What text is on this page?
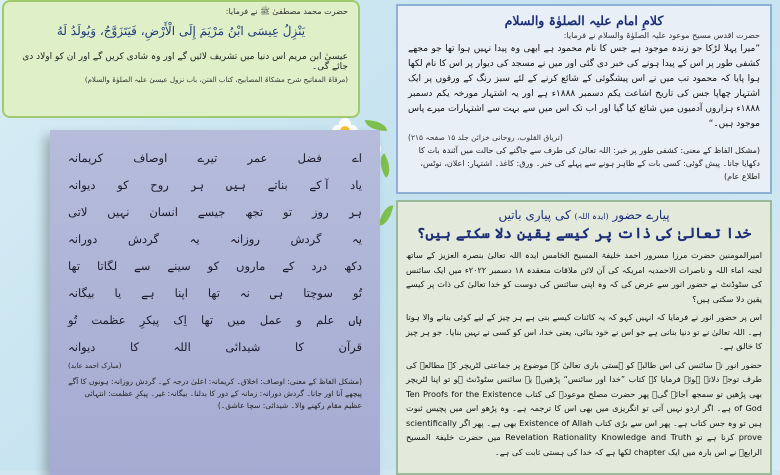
حضرت محمد مصطفیٰ ﷺ نے فرمایا:
يَنْزِلُ عِيسَى ابْنُ مَرْيَمَ إِلَى الْأَرْضِ، فَيَتَزَوَّجُ، وَيُولَدُ لَهُ
عیسیٰ ابن مریم اس دنیا میں تشریف لائیں گے اور وہ شادی کریں گے اور ان کو اولاد دی جائے گی۔
(مرقاۃ المفاتیح شرح مشکاۃ المصابیح، کتاب الفتن، باب نزول عیسیٰ علیہ الصلوٰۃ والسلام)
اے
فضل
عمر
تیرے
اوصاف
کریمانہ
یاد
آ کے
بناتے
ہیں
ہر
روح
کو
دیوانہ
ہر
روز
تو
تجھ
جیسے
انسان
نہیں
لاتی
یہ
گردش
روزانہ
یہ
گردش
دورانہ
دکھ
درد
کے
ماروں
کو
سینے
سے
لگاتا
تھا
تُو
سوچتا
ہی
نہ
تھا
اپنا
ہے
یا
بیگانہ
ہاں
علم
و
عمل
میں
تھا
اِک
پیکرِ
عظمت
تُو
قرآن
کا
شیدائی
اللہ
کا
دیوانہ
(مبارک احمد عابد)
(مشکل الفاظ کے معنی: اوصاف: اخلاق۔ کریمانہ: اعلیٰ درجہ کے۔ گردش روزانہ: ہونوں کا آگے پیچھے آنا اور جانا۔ گردش دورانہ: زمانہ کے دور کا بدلنا۔ بیگانہ: غیر۔ پیکرِ عظمت: انتہائی عظیم مقام رکھنے والا۔ شیدائی: سچا عاشق۔)
کلامِ امام علیہ الصلوٰۃ والسلام
حضرت اقدس مسیح موعود علیہ الصلوٰۃ والسلام نے فرمایا:
”میرا پہلا لڑکا جو زندہ موجود ہے جس کا نام محمود ہے ابھی وہ پیدا نہیں ہوا تھا جو مجھے کشفی طور پر اس کے پیدا ہونے کی خبر دی گئی اور میں نے مسجد کی دیوار پر اس کا نام لکھا ہوا پایا کہ محمود تب میں نے اس پیشگوئی کے شائع کرنے کے لئے سبز رنگ کے ورقوں پر ایک اشتہار چھاپا جس کی تاریخ اشاعت یکم دسمبر ۱۸۸۸ء ہے اور یہ اشتہار مورخہ یکم دسمبر ۱۸۸۸ء ہزاروں آدمیوں میں شائع کیا گیا اور اب تک اس میں سے بہت سے اشتہارات میرے پاس موجود ہیں۔“
(تریاق القلوب، روحانی خزائن جلد ۱۵ صفحہ ۲۱۵)
(مشکل الفاظ کے معنی: کشفی طور پر خبر: اللہ تعالیٰ کی طرف سے جاگنے کی حالت میں آئندہ بات کا دکھایا جانا۔ پیش گوئی: کسی بات کے ظاہر ہونے سے پہلے کی خبر۔ ورق: کاغذ۔ اشتہار: اعلان، نوٹس، اطلاع عام)
پیارے حضور (ایدہ اللہ) کی پیاری باتیں
خدا تعالیٰ کی ذات پر کیسے یقین دلا سکتے ہیں؟

امیرالمومنین حضرت مرزا مسرور احمد خلیفۃ المسیح الخامس ایدہ اللہ تعالیٰ بنصرہ العزیز کے ساتھ لجنہ اماء اللہ و ناصرات الاحمدیہ امریکہ کی آن لائن ملاقات منعقدہ ۱۸ دسمبر ۲۰۲۲ء میں ایک سائنس کی سٹوڈنٹ نے حضور انور سے عرض کی کہ وہ اپنی سائنس کی دوست کو خدا تعالیٰ کی ذات پر کیسے یقین دلا سکتی ہیں؟

اس پر حضور انور نے فرمایا کہ انہیں کہو کہ یہ کائنات کیسے بنی ہے ہر چیز کے لیے کوئی بنانے والا ہوتا ہے۔ اللہ تعالیٰ نے تو دنیا بنانی ہے جو اس نے خود بنائی، یعنی خدا، اس کو کسی نے نہیں بنایا۔ جو ہر چیز کا خالق ہے۔

حضور انور نے سائنس کی اس طالبہ کو ہستی باری تعالیٰ کے موضوع پر جماعتی لٹریچر کے مطالعہ کی طرف توجہ دلاتے ہوئے فرمایا کہ کتاب ”خدا اور سائنس“ پڑھیں۔ یہ سائنس سٹوڈنٹ ہو تو اپنا لٹریچر بھی پڑھیں تو سمجھ آجائے گی۔ پھر حضرت مصلح موعودؓ کی کتاب Ten Proofs for the Existence of God ہے۔ اگر اردو نہیں آتی تو انگریزی میں بھی اس کا ترجمہ ہے۔ وہ پڑھو اس میں پچیس ثبوت ہیں تو وہ جس کتاب ہے۔ پھر اس سے بڑی کتاب Existence of Allah بھی ہے۔ پھر اگر scientifically prove کرنا ہے تو Revelation Rationality Knowledge and Truth میں حضرت خلیفۃ المسیح الرابعؒ نے اس بارہ میں ایک chapter لکھا ہے کہ خدا کی ہستی ثابت کی ہے۔
